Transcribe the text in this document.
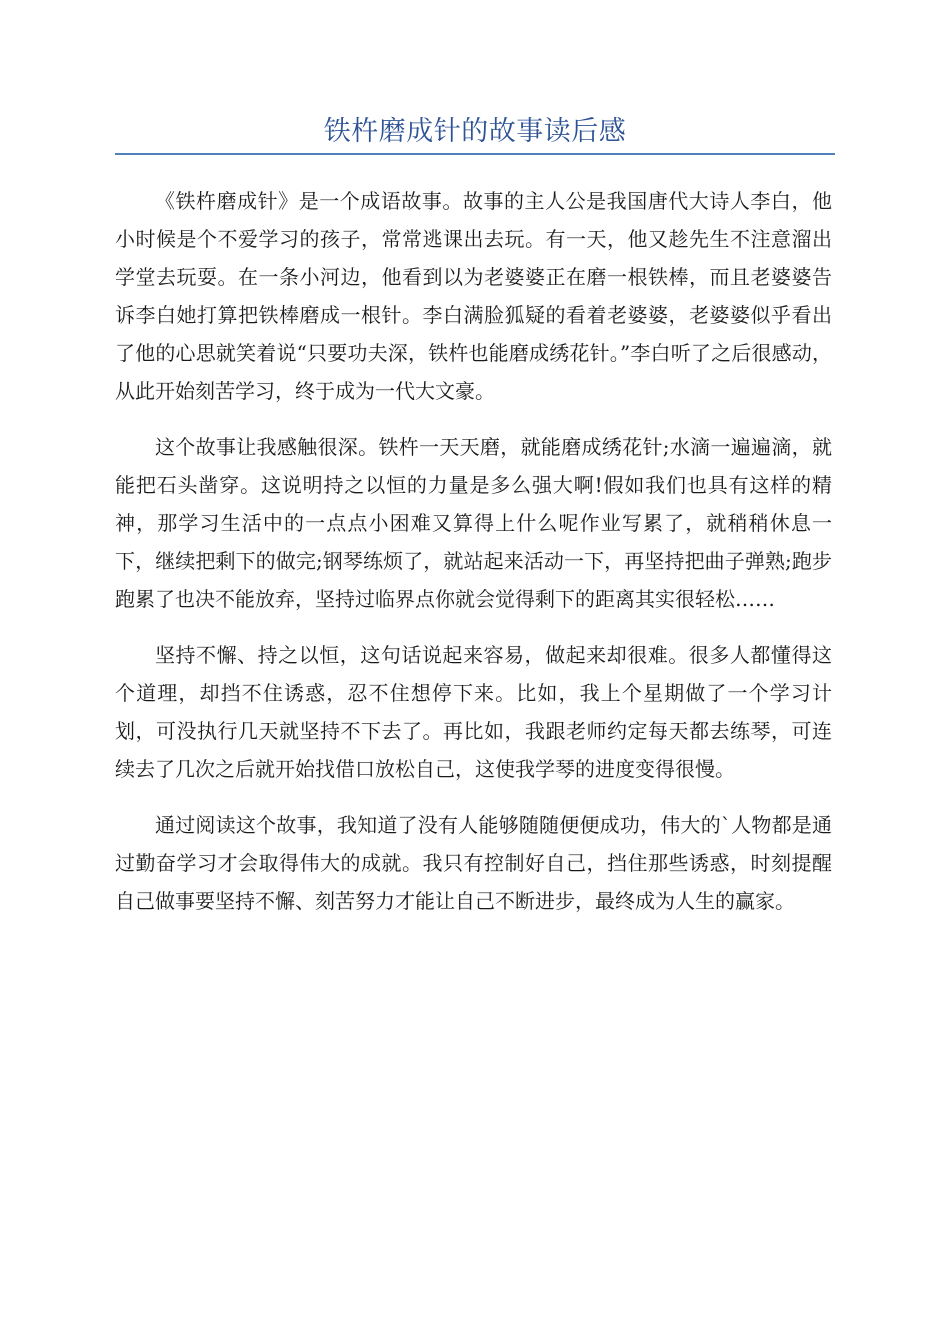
铁杵磨成针的故事读后感

《铁杵磨成针》是一个成语故事。故事的主人公是我国唐代大诗人李白，他小时候是个不爱学习的孩子，常常逃课出去玩。有一天，他又趁先生不注意溜出学堂去玩耍。在一条小河边，他看到以为老婆婆正在磨一根铁棒，而且老婆婆告诉李白她打算把铁棒磨成一根针。李白满脸狐疑的看着老婆婆，老婆婆似乎看出了他的心思就笑着说“只要功夫深，铁杵也能磨成绣花针。”李白听了之后很感动，从此开始刻苦学习，终于成为一代大文豪。

这个故事让我感触很深。铁杵一天天磨，就能磨成绣花针;水滴一遍遍滴，就能把石头凿穿。这说明持之以恒的力量是多么强大啊!假如我们也具有这样的精神，那学习生活中的一点点小困难又算得上什么呢作业写累了，就稍稍休息一下，继续把剩下的做完;钢琴练烦了，就站起来活动一下，再坚持把曲子弹熟;跑步跑累了也决不能放弃，坚持过临界点你就会觉得剩下的距离其实很轻松……

坚持不懈、持之以恒，这句话说起来容易，做起来却很难。很多人都懂得这个道理，却挡不住诱惑，忍不住想停下来。比如，我上个星期做了一个学习计划，可没执行几天就坚持不下去了。再比如，我跟老师约定每天都去练琴，可连续去了几次之后就开始找借口放松自己，这使我学琴的进度变得很慢。

通过阅读这个故事，我知道了没有人能够随随便便成功，伟大的`人物都是通过勤奋学习才会取得伟大的成就。我只有控制好自己，挡住那些诱惑，时刻提醒自己做事要坚持不懈、刻苦努力才能让自己不断进步，最终成为人生的赢家。
